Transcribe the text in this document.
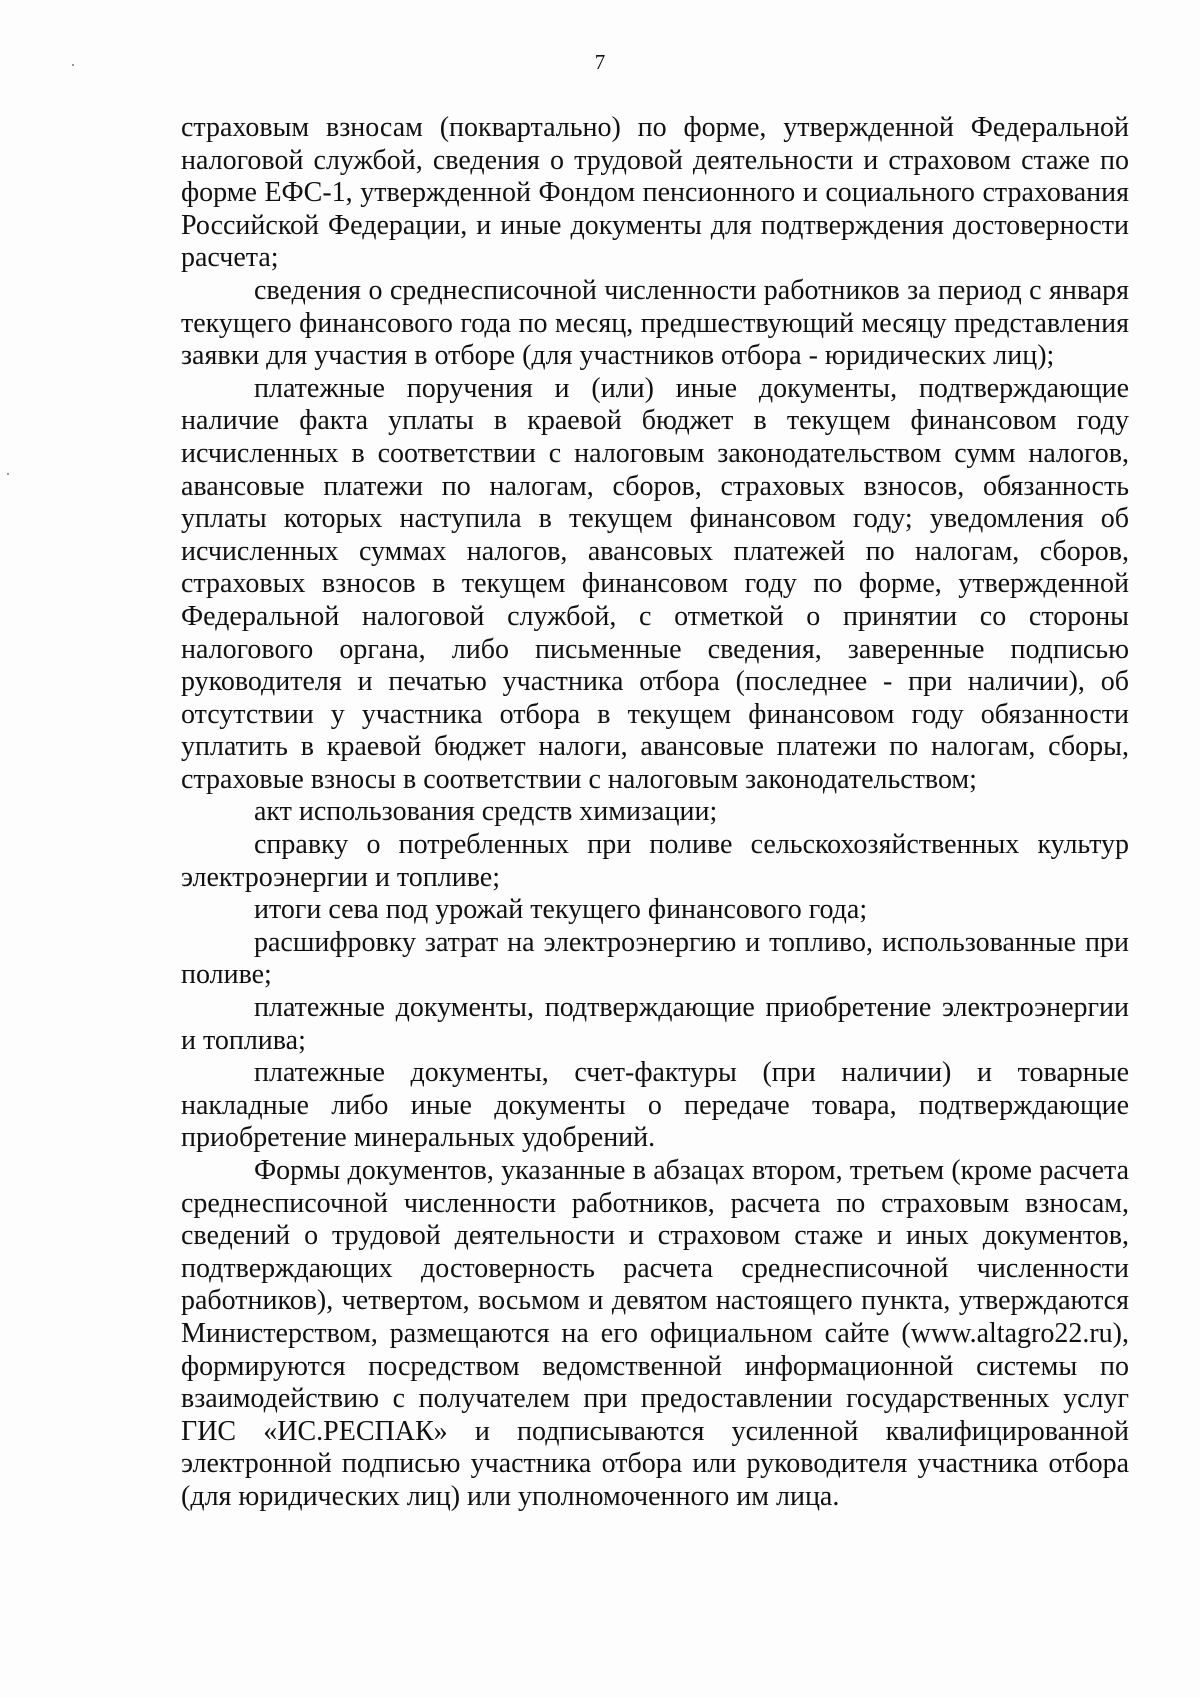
7

страховым взносам (поквартально) по форме, утвержденной Федеральной налоговой службой, сведения о трудовой деятельности и страховом стаже по форме ЕФС-1, утвержденной Фондом пенсионного и социального страхования Российской Федерации, и иные документы для подтверждения достоверности расчета;

сведения о среднесписочной численности работников за период с января текущего финансового года по месяц, предшествующий месяцу представления заявки для участия в отборе (для участников отбора - юридических лиц);

платежные поручения и (или) иные документы, подтверждающие наличие факта уплаты в краевой бюджет в текущем финансовом году исчисленных в соответствии с налоговым законодательством сумм налогов, авансовые платежи по налогам, сборов, страховых взносов, обязанность уплаты которых наступила в текущем финансовом году; уведомления об исчисленных суммах налогов, авансовых платежей по налогам, сборов, страховых взносов в текущем финансовом году по форме, утвержденной Федеральной налоговой службой, с отметкой о принятии со стороны налогового органа, либо письменные сведения, заверенные подписью руководителя и печатью участника отбора (последнее - при наличии), об отсутствии у участника отбора в текущем финансовом году обязанности уплатить в краевой бюджет налоги, авансовые платежи по налогам, сборы, страховые взносы в соответствии с налоговым законодательством;

акт использования средств химизации;

справку о потребленных при поливе сельскохозяйственных культур электроэнергии и топливе;

итоги сева под урожай текущего финансового года;

расшифровку затрат на электроэнергию и топливо, использованные при поливе;

платежные документы, подтверждающие приобретение электроэнергии и топлива;

платежные документы, счет-фактуры (при наличии) и товарные накладные либо иные документы о передаче товара, подтверждающие приобретение минеральных удобрений.

Формы документов, указанные в абзацах втором, третьем (кроме расчета среднесписочной численности работников, расчета по страховым взносам, сведений о трудовой деятельности и страховом стаже и иных документов, подтверждающих достоверность расчета среднесписочной численности работников), четвертом, восьмом и девятом настоящего пункта, утверждаются Министерством, размещаются на его официальном сайте (www.altagro22.ru), формируются посредством ведомственной информационной системы по взаимодействию с получателем при предоставлении государственных услуг ГИС «ИС.РЕСПАК» и подписываются усиленной квалифицированной электронной подписью участника отбора или руководителя участника отбора (для юридических лиц) или уполномоченного им лица.
